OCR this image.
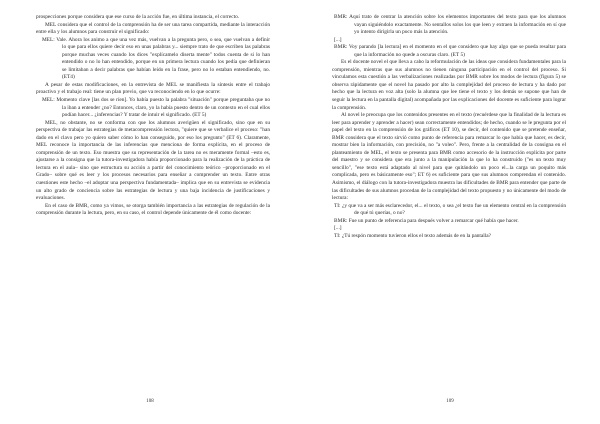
prospecciones porque considera que ese curso de la acción fue, en última instancia, el correcto.

MEL considera que el control de la comprensión ha de ser una tarea compartida, mediante la interacción entre ella y los alumnos para construir el significado:

MEL: Vale. Ahora los animo a que una vez más, vuelvan a la pregunta pero, o sea, que vuelvan a definir lo que para ellos quiere decir eso en unas palabras y... siempre trato de que escriben las palabras porque muchas veces cuando los dices "explícamelo diserta mente" todos cuenta de si lo han entendido o no lo han entendido, porque en un primera lectura cuando los pedía que definieran se limitaban a decir palabras que habían leído en la frase, pero no lo estaban entendiendo, no. (ET4)

A pesar de estas modificaciones, en la entrevista de MEL se manifiesta la síntesis entre el trabajo proactivo y el trabajo real: tiene un plan previo, que va reconociendo en lo que ocurre:

MEL: Momento clave [las dos se ríen]. Yo había puesto la palabra "situación" porque preguntaba que no la iban a entender ¿no? Entonces, claro, yo la había puesto dentro de un contexto en el cual ellos podían hacer... ¿inferencias? Y tratar de intuir el significado. (ET 5)

MEL, no obstante, no se conforma con que los alumnos averigüen el significado, sino que en su perspectiva de trabajar las estrategias de metacomprensión lectora, "quiere que se verbalice el proceso: "han dado en el clavo pero yo quiero saber cómo lo han conseguido, por eso los pregunto" (ET 6). Claramente, MEL reconoce la importancia de las inferencias que menciona de forma explícita, en el proceso de comprensión de un texto. Eso muestra que su representación de la tarea no es meramente formal –esto es, ajustarse a la consigna que la tutora-investigadora había proporcionado para la realización de la práctica de lectura en el aula– sino que estructura su acción a partir del conocimiento teórico –proporcionado en el Grado– sobre qué es leer y los procesos necesarios para enseñar a comprender un texto. Entre otras cuestiones este hecho –el adoptar una perspectiva fundamentada– implica que en su entrevista se evidencia un alto grado de conciencia sobre las estrategias de lectura y una baja incidencia de justificaciones y evaluaciones.

En el caso de BMR, como ya vimos, se otorga también importancia a las estrategias de regulación de la comprensión durante la lectura, pero, en su caso, el control depende únicamente de él como docente:

108

BMR: Aquí trato de centrar la atención sobre los elementos importantes del texto para que los alumnos vayan siguiéndolo exactamente. No sentallos solos los que leen y extraen la información en sí que yo intento dirigirla un poco más la atención.

[...]

BMR: Voy parando [la lectura] en el momento en el que considero que hay algo que se pueda resaltar para que la información no quede a oscuras claro. (ET 5)

Es el docente novel el que lleva a cabo la reformulación de las ideas que considera fundamentales para la comprensión, mientras que sus alumnos no tienen ninguna participación en el control del proceso. Si vinculamos esta cuestión a las verbalizaciones realizadas por BMR sobre los modos de lectura (figura 5) se observa rápidamente que el novel ha pasado por alto la complejidad del proceso de lectura y ha dado por hecho que la lectura en voz alta (solo la alumna que lee tiene el texto y los demás se supone que han de seguir la lectura en la pantalla digital) acompañada por las explicaciones del docente es suficiente para lograr la comprensión.

Al novel le preocupa que los contenidos presentes en el texto (recuérdese que la finalidad de la lectura es leer para aprender y aprender a hacer) sean correctamente entendidos; de hecho, cuando se le pregunta por el papel del texto en la comprensión de los gráficos (ET 10), se decir, del contenido que se pretende enseñar, BMR considera que el texto sirvió como punto de referencia para remarcar lo que había que hacer, es decir, mostrar bien la información, con precisión, no "a voleo". Pero, frente a la centralidad de la consigna en el planteamiento de MEL, el texto se presenta para BMR como accesorio de la instrucción explícita por parte del maestro y se considera que era junto a la manipulación la que lo ha construido ("es un texto muy sencillo", "ese texto está adaptado al nivel para que quitándolo un poco el...la carga un poquito más complicada, pero es básicamente eso"; ET 6) es suficiente para que sus alumnos comprendan el contenido. Asimismo, el diálogo con la tutora-investigadora muestra las dificultades de BMR para entender que parte de las dificultades de sus alumnos procedan de la complejidad del texto propuesto y no únicamente del modo de lectura:

TI: ¿y que va a ser más esclarecedor, el... el texto, o sea ¿el texto fue un elemento central en la comprensión de qué tú querías, o no?

BMR: Fue un punto de referencia para después volver a remarcar qué había que hacer.

[...]

TI: ¿Tú respón momento tuvieron ellos el texto además de en la pantalla?

109
